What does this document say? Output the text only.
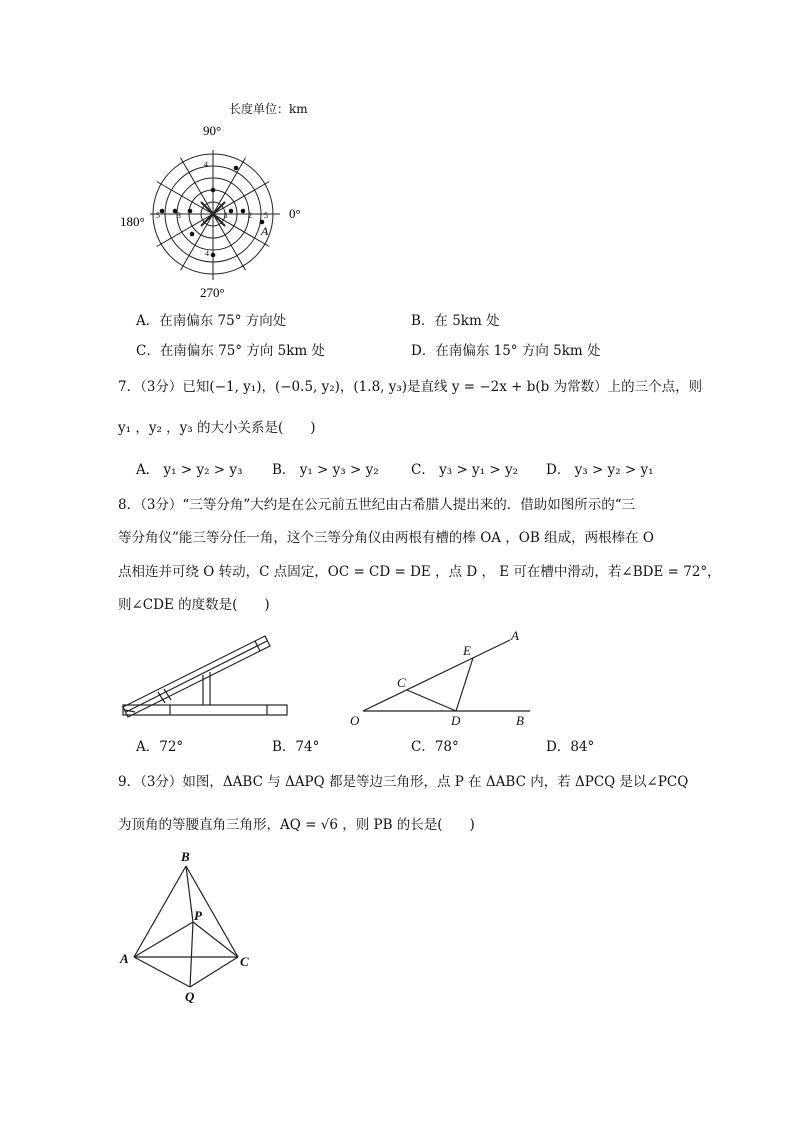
长度单位：km
1	2 5
3
5
4
4
90°
180°
0°
270°
A
A．在南偏东 75° 方向处	B．在 5km 处
C．在南偏东 75° 方向 5km 处	D．在南偏东 15° 方向 5km 处
7．（3分）已知(−1, y₁)，(−0.5, y₂)，(1.8, y₃)是直线 y = −2x + b(b 为常数）上的三个点，则
y₁ ，y₂ ，y₃ 的大小关系是(　　)
A． y₁ > y₂ > y₃ B． y₁ > y₃ > y₂ C． y₃ > y₁ > y₂ D． y₃ > y₂ > y₁
8．（3分）“三等分角”大约是在公元前五世纪由古希腊人提出来的．借助如图所示的“三
等分角仪”能三等分任一角，这个三等分角仪由两根有槽的棒 OA ，OB 组成，两根棒在 O
点相连并可绕 O 转动，C 点固定，OC = CD = DE ，点 D ， E 可在槽中滑动，若∠BDE = 72°，
则∠CDE 的度数是(　　)
O
A
B
C
D
E
A．72°	B．74°	C．78°	D．84°
9．（3分）如图，ΔABC 与 ΔAPQ 都是等边三角形，点 P 在 ΔABC 内，若 ΔPCQ 是以∠PCQ
为顶角的等腰直角三角形，AQ = √6 ，则 PB 的长是(　　)
B
P
A	C
Q
